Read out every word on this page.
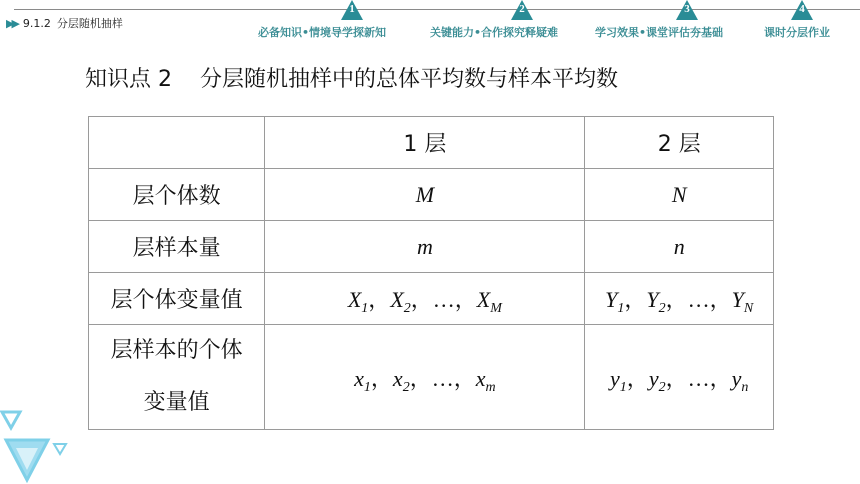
▶▶ 9.1.2 分层随机抽样
1
必备知识•情境导学探新知
2
关键能力•合作探究释疑难
3
学习效果•课堂评估夯基础
4
课时分层作业
知识点 2 分层随机抽样中的总体平均数与样本平均数
	1 层	2 层
层个体数	M	N
层样本量	m	n
层个体变量值	$X_1$，$X_2$，…，$X_M$	$Y_1$，$Y_2$，…，$Y_N$

层样本的个体
变量值	$x_1$，$x_2$，…，$x_m$	$y_1$，$y_2$，…，$y_n$
